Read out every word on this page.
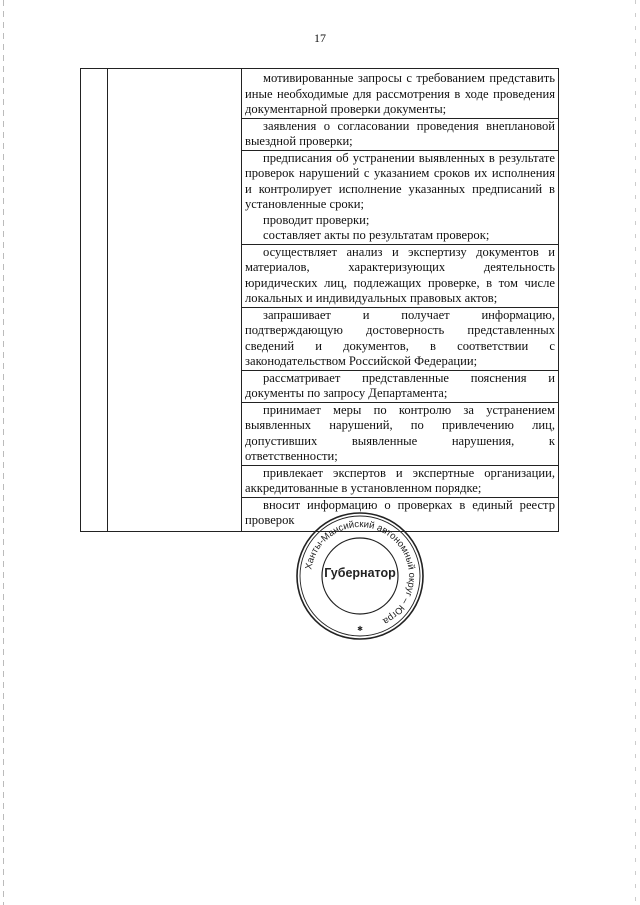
17

мотивированные запросы с требованием представить иные необходимые для рассмотрения в ходе проведения документарной проверки документы;

заявления о согласовании проведения внеплановой выездной проверки;

предписания об устранении выявленных в результате проверок нарушений с указанием сроков их исполнения и контролирует исполнение указанных предписаний в установленные сроки;

проводит проверки;

составляет акты по результатам проверок;

осуществляет анализ и экспертизу документов и материалов, характеризующих деятельность юридических лиц, подлежащих проверке, в том числе локальных и индивидуальных правовых актов;

запрашивает и получает информацию, подтверждающую достоверность представленных сведений и документов, в соответствии с законодательством Российской Федерации;

рассматривает представленные пояснения и документы по запросу Департамента;

принимает меры по контролю за устранением выявленных нарушений, по привлечению лиц, допустивших выявленные нарушения, к ответственности;

привлекает экспертов и экспертные организации, аккредитованные в установленном порядке;

вносит информацию о проверках в единый реестр проверок

Ханты-Мансийский автономный округ – Югра
✱
Губернатор
